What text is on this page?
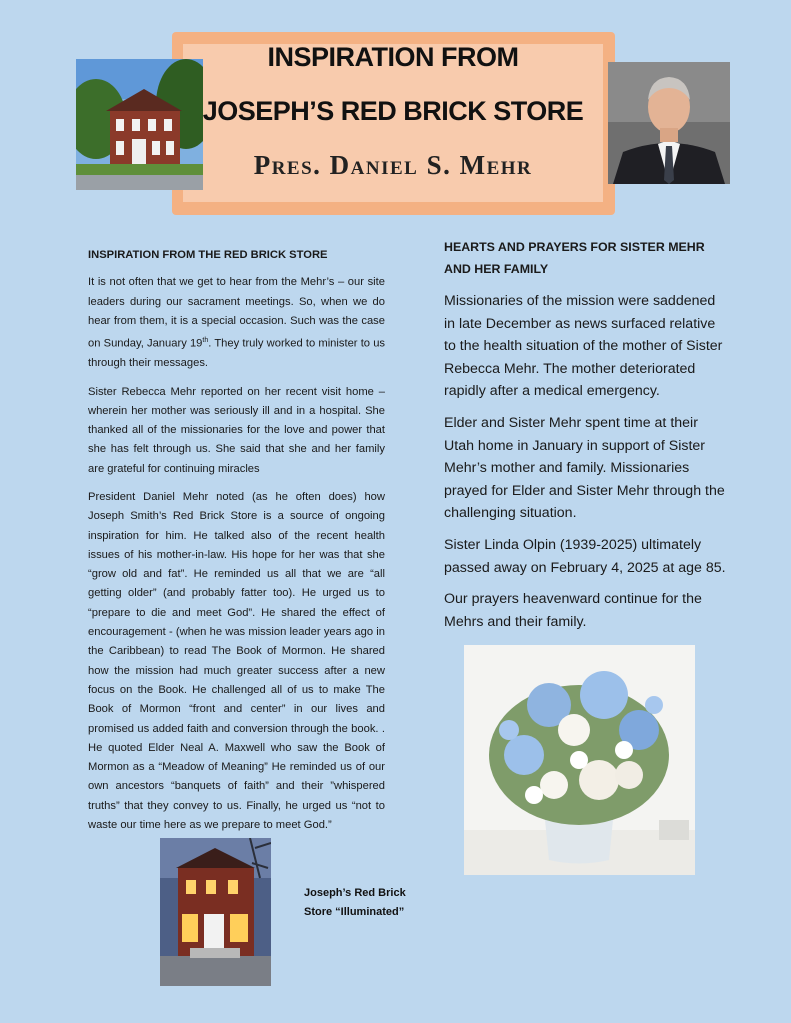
INSPIRATION FROM
JOSEPH’S RED BRICK STORE
Pres. Daniel S. Mehr
INSPIRATION FROM THE RED BRICK STORE

It is not often that we get to hear from the Mehr’s – our site leaders during our sacrament meetings. So, when we do hear from them, it is a special occasion. Such was the case on Sunday, January 19th. They truly worked to minister to us through their messages.

Sister Rebecca Mehr reported on her recent visit home – wherein her mother was seriously ill and in a hospital. She thanked all of the missionaries for the love and power that she has felt through us. She said that she and her family are grateful for continuing miracles

President Daniel Mehr noted (as he often does) how Joseph Smith’s Red Brick Store is a source of ongoing inspiration for him. He talked also of the recent health issues of his mother-in-law. His hope for her was that she “grow old and fat”. He reminded us all that we are “all getting older” (and probably fatter too). He urged us to “prepare to die and meet God”. He shared the effect of encouragement - (when he was mission leader years ago in the Caribbean) to read The Book of Mormon. He shared how the mission had much greater success after a new focus on the Book. He challenged all of us to make The Book of Mormon “front and center” in our lives and promised us added faith and conversion through the book. . He quoted Elder Neal A. Maxwell who saw the Book of Mormon as a “Meadow of Meaning” He reminded us of our own ancestors “banquets of faith” and their ”whispered truths” that they convey to us. Finally, he urged us “not to waste our time here as we prepare to meet God.”

HEARTS AND PRAYERS FOR SISTER MEHR AND HER FAMILY

Missionaries of the mission were saddened in late December as news surfaced relative to the health situation of the mother of Sister Rebecca Mehr. The mother deteriorated rapidly after a medical emergency.

Elder and Sister Mehr spent time at their Utah home in January in support of Sister Mehr’s mother and family. Missionaries prayed for Elder and Sister Mehr through the challenging situation.

Sister Linda Olpin (1939-2025) ultimately passed away on February 4, 2025 at age 85.

Our prayers heavenward continue for the Mehrs and their family.

Joseph’s Red Brick
Store “Illuminated”
